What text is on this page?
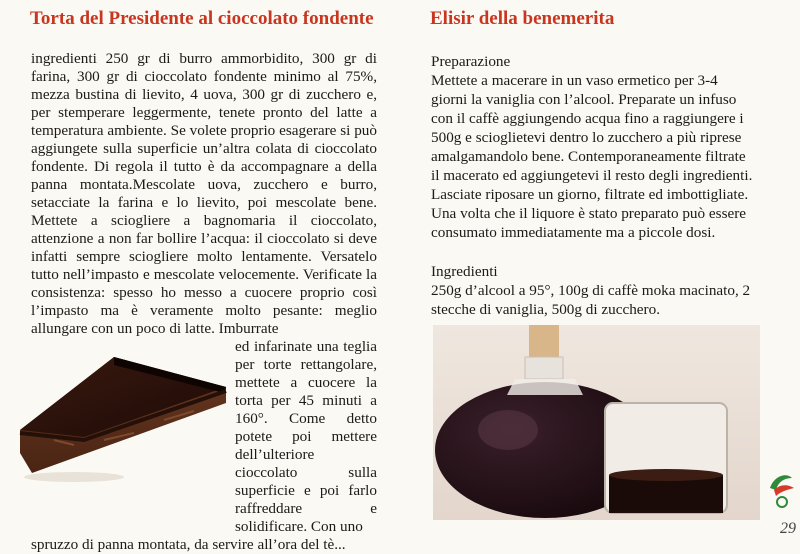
Torta del Presidente al cioccolato fondente	Elisir della benemerita

ingredienti 250 gr di burro ammorbidito, 300 gr di farina, 300 gr di cioccolato fondente minimo al 75%, mezza bustina di lievito, 4 uova, 300 gr di zucchero e, per stemperare leggermente, tenete pronto del latte a temperatura ambiente. Se volete proprio esagerare si può aggiungete sulla superficie un’altra colata di cioccolato fondente. Di regola il tutto è da accompagnare a della panna montata.Mescolate uova, zucchero e burro, setacciate la farina e lo lievito, poi mescolate bene. Mettete a sciogliere a bagnomaria il cioccolato, attenzione a non far bollire l’acqua: il cioccolato si deve infatti sempre sciogliere molto lentamente. Versatelo tutto nell’impasto e mescolate velocemente. Verificate la consistenza: spesso ho messo a cuocere proprio così l’impasto ma è veramente molto pesante: meglio allungare con un poco di latte. Imburrate

ed infarinate una teglia per torte rettangolare, mettete a cuocere la torta per 45 minuti a 160°. Come detto potete poi mettere dell’ulteriore cioccolato sulla superficie e poi farlo raffreddare e solidificare. Con uno

spruzzo di panna montata, da servire all’ora del tè...

Preparazione

Mettete a macerare in un vaso ermetico per 3-4 giorni la vaniglia con l’alcool. Preparate un infuso con il caffè aggiungendo acqua fino a raggiungere i 500g e scioglietevi dentro lo zucchero a più riprese amalgamandolo bene. Contemporaneamente filtrate il macerato ed aggiungetevi il resto degli ingredienti. Lasciate riposare un giorno, filtrate ed imbottigliate. Una volta che il liquore è stato preparato può essere consumato immediatamente ma a piccole dosi.

Ingredienti

250g d’alcool a 95°, 100g di caffè moka macinato, 2 stecche di vaniglia, 500g di zucchero.

29
